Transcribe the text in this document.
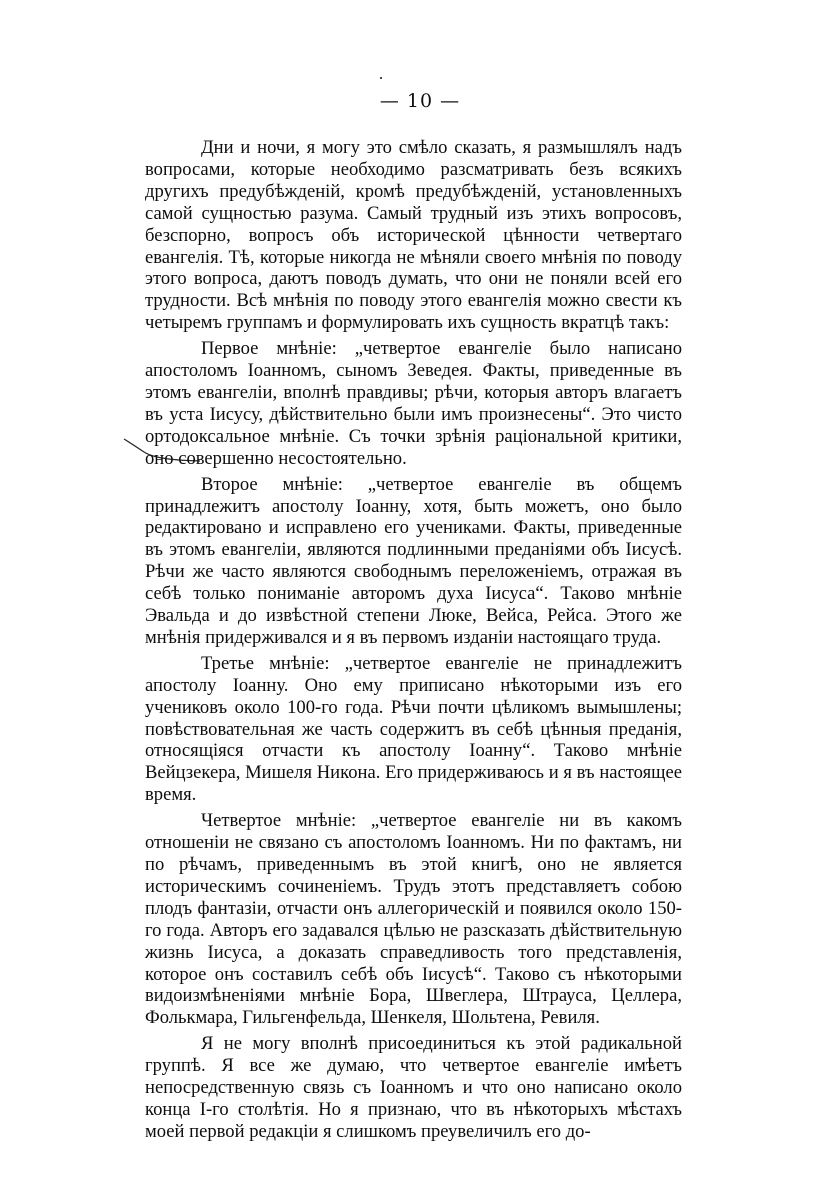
— 10 —

Дни и ночи, я могу это смѣло сказать, я размышлялъ надъ вопросами, которые необходимо разсматривать безъ всякихъ другихъ предубѣжденій, кромѣ предубѣжденій, установленныхъ самой сущностью разума. Самый трудный изъ этихъ вопросовъ, безспорно, вопросъ объ исторической цѣнности четвертаго евангелія. Тѣ, которые никогда не мѣняли своего мнѣнія по поводу этого вопроса, даютъ поводъ думать, что они не поняли всей его трудности. Всѣ мнѣнія по поводу этого евангелія можно свести къ четыремъ группамъ и формулировать ихъ сущность вкратцѣ такъ:

Первое мнѣніе: „четвертое евангеліе было написано апостоломъ Іоанномъ, сыномъ Зеведея. Факты, приведенные въ этомъ евангеліи, вполнѣ правдивы; рѣчи, которыя авторъ влагаетъ въ уста Іисусу, дѣйствительно были имъ произнесены“. Это чисто ортодоксальное мнѣніе. Съ точки зрѣнія раціональной критики, оно совершенно несостоятельно.

Второе мнѣніе: „четвертое евангеліе въ общемъ принадлежитъ апостолу Іоанну, хотя, быть можетъ, оно было редактировано и исправлено его учениками. Факты, приведенные въ этомъ евангеліи, являются подлинными преданіями объ Іисусѣ. Рѣчи же часто являются свободнымъ переложеніемъ, отражая въ себѣ только пониманіе авторомъ духа Іисуса“. Таково мнѣніе Эвальда и до извѣстной степени Люке, Вейса, Рейса. Этого же мнѣнія придерживался и я въ первомъ изданіи настоящаго труда.

Третье мнѣніе: „четвертое евангеліе не принадлежитъ апостолу Іоанну. Оно ему приписано нѣкоторыми изъ его учениковъ около 100-го года. Рѣчи почти цѣликомъ вымышлены; повѣствовательная же часть содержитъ въ себѣ цѣнныя преданія, относящіяся отчасти къ апостолу Іоанну“. Таково мнѣніе Вейцзекера, Мишеля Никона. Его придерживаюсь и я въ настоящее время.

Четвертое мнѣніе: „четвертое евангеліе ни въ какомъ отношеніи не связано съ апостоломъ Іоанномъ. Ни по фактамъ, ни по рѣчамъ, приведеннымъ въ этой книгѣ, оно не является историческимъ сочиненіемъ. Трудъ этотъ представляетъ собою плодъ фантазіи, отчасти онъ аллегорическій и появился около 150-го года. Авторъ его задавался цѣлью не разсказать дѣйствительную жизнь Іисуса, а доказать справедливость того представленія, которое онъ составилъ себѣ объ Іисусѣ“. Таково съ нѣкоторыми видоизмѣненіями мнѣніе Бора, Швеглера, Штрауса, Целлера, Фолькмара, Гильгенфельда, Шенкеля, Шольтена, Ревиля.

Я не могу вполнѣ присоединиться къ этой радикальной группѣ. Я все же думаю, что четвертое евангеліе имѣетъ непосредственную связь съ Іоанномъ и что оно написано около конца І-го столѣтія. Но я признаю, что въ нѣкоторыхъ мѣстахъ моей первой редакціи я слишкомъ преувеличилъ его до-
